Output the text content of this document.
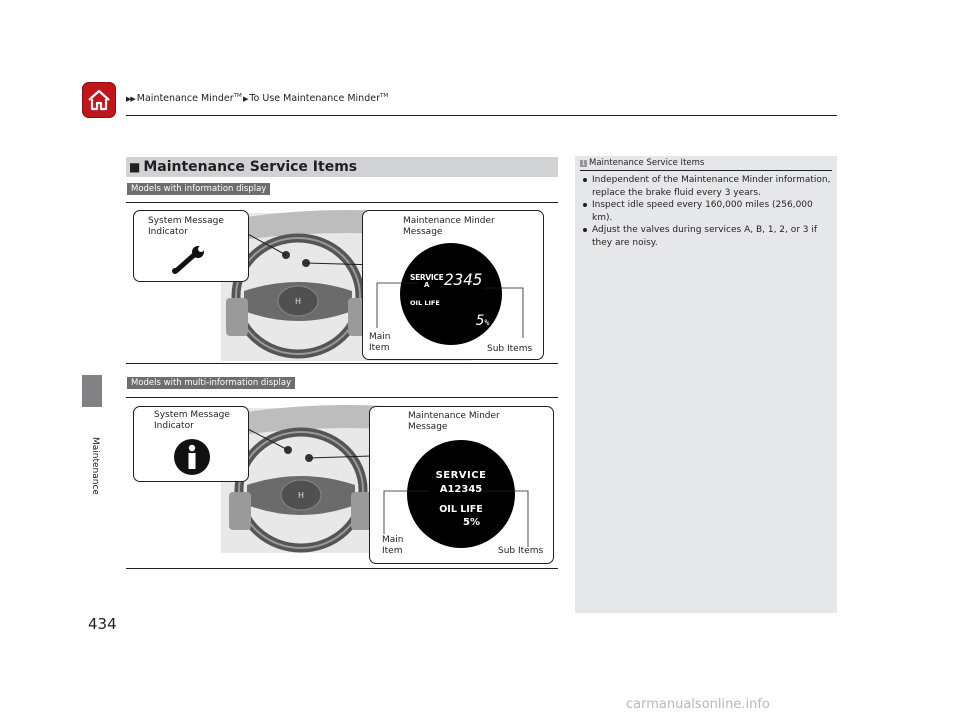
▶▶ Maintenance Minder™ ▶ To Use Maintenance Minder™
Maintenance
434
■ Maintenance Service Items
Models with information display
H
System Message
Indicator
Maintenance Minder
Message
SERVICE
A 2345
OIL LIFE
5%
Main
Item	Sub Items
Models with multi-information display
H
System Message
Indicator
Maintenance Minder
Message
SERVICE
A12345
OIL LIFE
5%
Main
Item	Sub Items
1 Maintenance Service Items
Independent of the Maintenance Minder information, replace the brake fluid every 3 years.
Inspect idle speed every 160,000 miles (256,000 km).
Adjust the valves during services A, B, 1, 2, or 3 if they are noisy.
carmanualsonline.info
